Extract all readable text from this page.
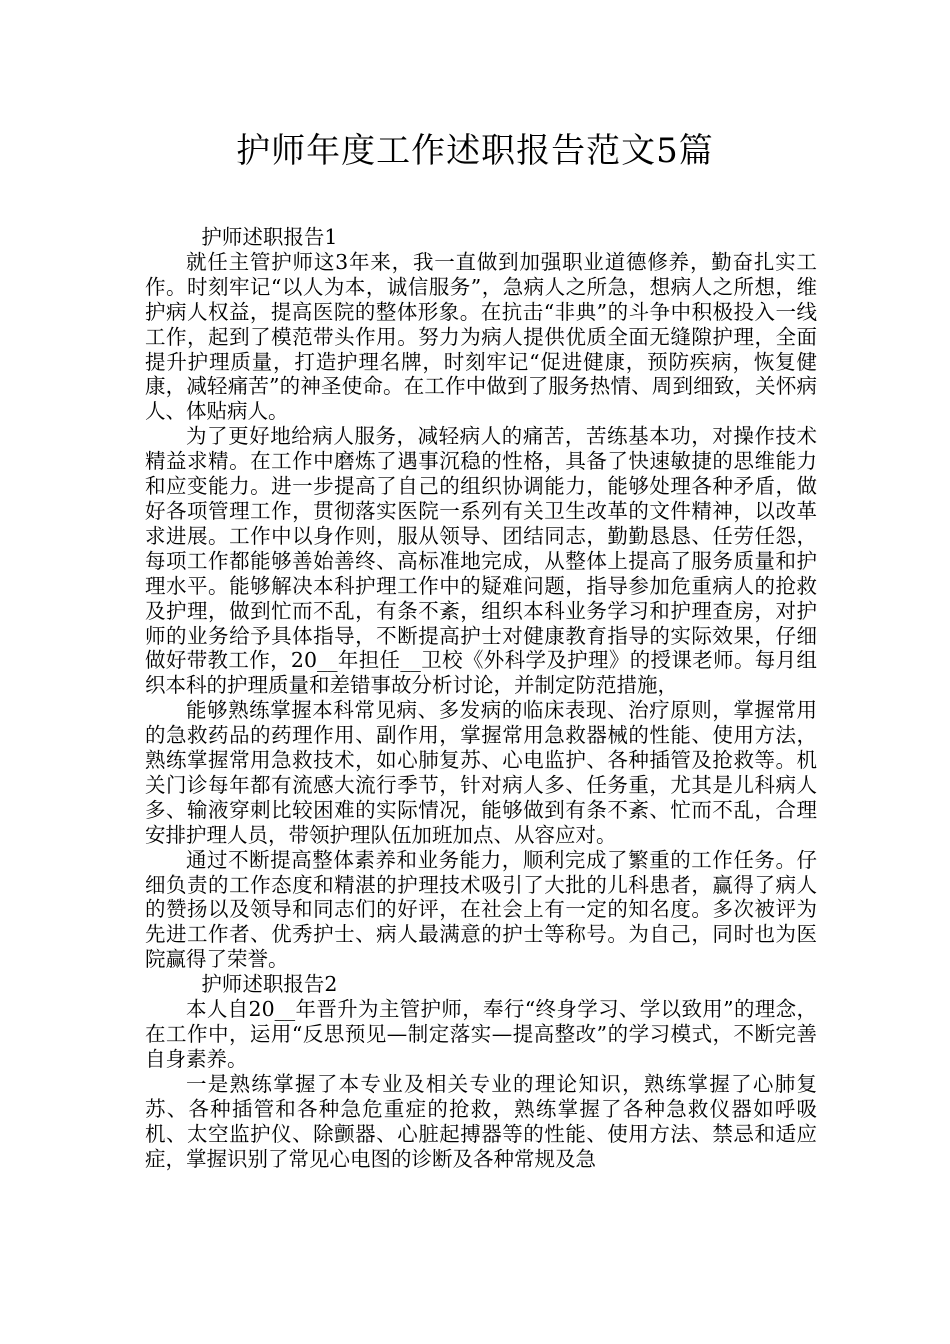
护师年度工作述职报告范文5篇

护师述职报告1

就任主管护师这3年来，我一直做到加强职业道德修养，勤奋扎实工作。时刻牢记“以人为本，诚信服务”，急病人之所急，想病人之所想，维护病人权益，提高医院的整体形象。在抗击“非典”的斗争中积极投入一线工作，起到了模范带头作用。努力为病人提供优质全面无缝隙护理，全面提升护理质量，打造护理名牌，时刻牢记“促进健康，预防疾病，恢复健康，减轻痛苦”的神圣使命。在工作中做到了服务热情、周到细致，关怀病人、体贴病人。

为了更好地给病人服务，减轻病人的痛苦，苦练基本功，对操作技术精益求精。在工作中磨炼了遇事沉稳的性格，具备了快速敏捷的思维能力和应变能力。进一步提高了自己的组织协调能力，能够处理各种矛盾，做好各项管理工作，贯彻落实医院一系列有关卫生改革的文件精神，以改革求进展。工作中以身作则，服从领导、团结同志，勤勤恳恳、任劳任怨，每项工作都能够善始善终、高标准地完成，从整体上提高了服务质量和护理水平。能够解决本科护理工作中的疑难问题，指导参加危重病人的抢救及护理，做到忙而不乱，有条不紊，组织本科业务学习和护理查房，对护师的业务给予具体指导，不断提高护士对健康教育指导的实际效果，仔细做好带教工作，20__年担任__卫校《外科学及护理》的授课老师。每月组织本科的护理质量和差错事故分析讨论，并制定防范措施，

能够熟练掌握本科常见病、多发病的临床表现、治疗原则，掌握常用的急救药品的药理作用、副作用，掌握常用急救器械的性能、使用方法，熟练掌握常用急救技术，如心肺复苏、心电监护、各种插管及抢救等。机关门诊每年都有流感大流行季节，针对病人多、任务重，尤其是儿科病人多、输液穿刺比较困难的实际情况，能够做到有条不紊、忙而不乱，合理安排护理人员，带领护理队伍加班加点、从容应对。

通过不断提高整体素养和业务能力，顺利完成了繁重的工作任务。仔细负责的工作态度和精湛的护理技术吸引了大批的儿科患者，赢得了病人的赞扬以及领导和同志们的好评，在社会上有一定的知名度。多次被评为先进工作者、优秀护士、病人最满意的护士等称号。为自己，同时也为医院赢得了荣誉。

护师述职报告2

本人自20__年晋升为主管护师，奉行“终身学习、学以致用”的理念，在工作中，运用“反思预见—制定落实—提高整改”的学习模式，不断完善自身素养。

一是熟练掌握了本专业及相关专业的理论知识，熟练掌握了心肺复苏、各种插管和各种急危重症的抢救，熟练掌握了各种急救仪器如呼吸机、太空监护仪、除颤器、心脏起搏器等的性能、使用方法、禁忌和适应症，掌握识别了常见心电图的诊断及各种常规及急
